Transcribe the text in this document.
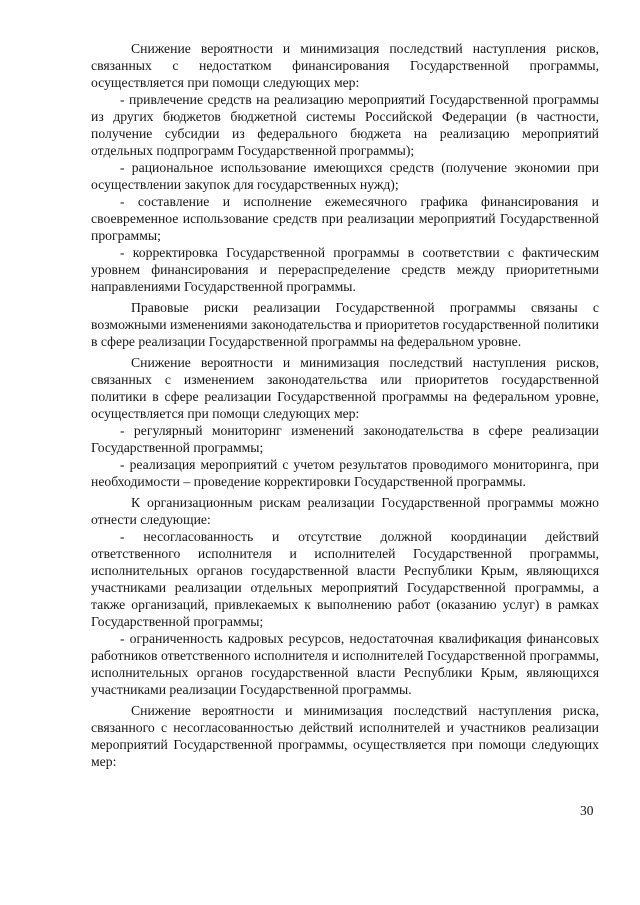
Снижение вероятности и минимизация последствий наступления рисков, связанных с недостатком финансирования Государственной программы, осуществляется при помощи следующих мер:

- привлечение средств на реализацию мероприятий Государственной программы из других бюджетов бюджетной системы Российской Федерации (в частности, получение субсидии из федерального бюджета на реализацию мероприятий отдельных подпрограмм Государственной программы);

- рациональное использование имеющихся средств (получение экономии при осуществлении закупок для государственных нужд);

- составление и исполнение ежемесячного графика финансирования и своевременное использование средств при реализации мероприятий Государственной программы;

- корректировка Государственной программы в соответствии с фактическим уровнем финансирования и перераспределение средств между приоритетными направлениями Государственной программы.

Правовые риски реализации Государственной программы связаны с возможными изменениями законодательства и приоритетов государственной политики в сфере реализации Государственной программы на федеральном уровне.

Снижение вероятности и минимизация последствий наступления рисков, связанных с изменением законодательства или приоритетов государственной политики в сфере реализации Государственной программы на федеральном уровне, осуществляется при помощи следующих мер:

- регулярный мониторинг изменений законодательства в сфере реализации Государственной программы;

- реализация мероприятий с учетом результатов проводимого мониторинга, при необходимости – проведение корректировки Государственной программы.

К организационным рискам реализации Государственной программы можно отнести следующие:

- несогласованность и отсутствие должной координации действий ответственного исполнителя и исполнителей Государственной программы, исполнительных органов государственной власти Республики Крым, являющихся участниками реализации отдельных мероприятий Государственной программы, а также организаций, привлекаемых к выполнению работ (оказанию услуг) в рамках Государственной программы;

- ограниченность кадровых ресурсов, недостаточная квалификация финансовых работников ответственного исполнителя и исполнителей Государственной программы, исполнительных органов государственной власти Республики Крым, являющихся участниками реализации Государственной программы.

Снижение вероятности и минимизация последствий наступления риска, связанного с несогласованностью действий исполнителей и участников реализации мероприятий Государственной программы, осуществляется при помощи следующих мер:

30
